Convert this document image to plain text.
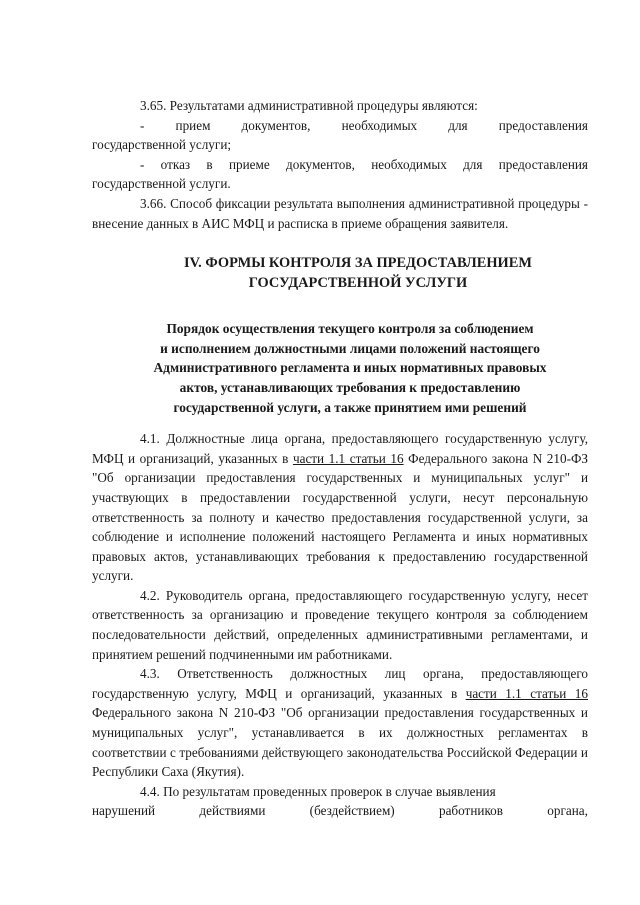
3.65. Результатами административной процедуры являются:

- прием документов, необходимых для предоставления

государственной услуги;

- отказ в приеме документов, необходимых для предоставления государственной услуги.

3.66. Способ фиксации результата выполнения административной процедуры - внесение данных в АИС МФЦ и расписка в приеме обращения заявителя.

IV. ФОРМЫ КОНТРОЛЯ ЗА ПРЕДОСТАВЛЕНИЕМ
ГОСУДАРСТВЕННОЙ УСЛУГИ
Порядок осуществления текущего контроля за соблюдением
и исполнением должностными лицами положений настоящего
Административного регламента и иных нормативных правовых
актов, устанавливающих требования к предоставлению
государственной услуги, а также принятием ими решений

4.1. Должностные лица органа, предоставляющего государственную услугу, МФЦ и организаций, указанных в части 1.1 статьи 16 Федерального закона N 210-ФЗ "Об организации предоставления государственных и муниципальных услуг" и участвующих в предоставлении государственной услуги, несут персональную ответственность за полноту и качество предоставления государственной услуги, за соблюдение и исполнение положений настоящего Регламента и иных нормативных правовых актов, устанавливающих требования к предоставлению государственной услуги.

4.2. Руководитель органа, предоставляющего государственную услугу, несет ответственность за организацию и проведение текущего контроля за соблюдением последовательности действий, определенных административными регламентами, и принятием решений подчиненными им работниками.

4.3. Ответственность должностных лиц органа, предоставляющего государственную услугу, МФЦ и организаций, указанных в части 1.1 статьи 16 Федерального закона N 210-ФЗ "Об организации предоставления государственных и муниципальных услуг", устанавливается в их должностных регламентах в соответствии с требованиями действующего законодательства Российской Федерации и Республики Саха (Якутия).

4.4. По результатам проведенных проверок в случае выявления

нарушений	действиями	(бездействием)	работников	органа,
